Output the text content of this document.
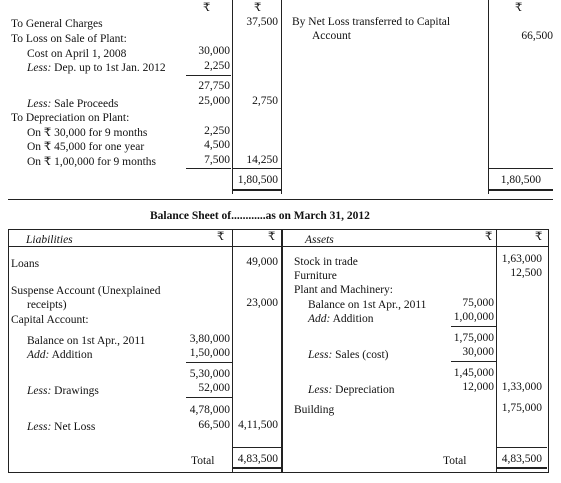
₹	₹	₹
To General Charges	37,500
To Loss on Sale of Plant:
Cost on April 1, 2008	30,000
Less: Dep. up to 1st Jan. 2012	2,250
27,750
Less: Sale Proceeds	25,000	2,750
To Depreciation on Plant:
On ₹ 30,000 for 9 months	2,250
On ₹ 45,000 for one year	4,500
On ₹ 1,00,000 for 9 months	7,500	14,250
1,80,500
By Net Loss transferred to Capital
Account	66,500
1,80,500
Balance Sheet of............as on March 31, 2012
Liabilities	₹	₹	Assets	₹	₹
Loans	49,000
Suspense Account (Unexplained
receipts)	23,000
Capital Account:
Balance on 1st Apr., 2011	3,80,000
Add: Addition	1,50,000
5,30,000
Less: Drawings	52,000
4,78,000
Less: Net Loss	66,500 4,11,500
Total	4,83,500
Stock in trade	1,63,000
Furniture	12,500
Plant and Machinery:
Balance on 1st Apr., 2011	75,000
Add: Addition	1,00,000
1,75,000
Less: Sales (cost)	30,000
1,45,000
Less: Depreciation	12,000 1,33,000
Building	1,75,000
Total	4,83,500
